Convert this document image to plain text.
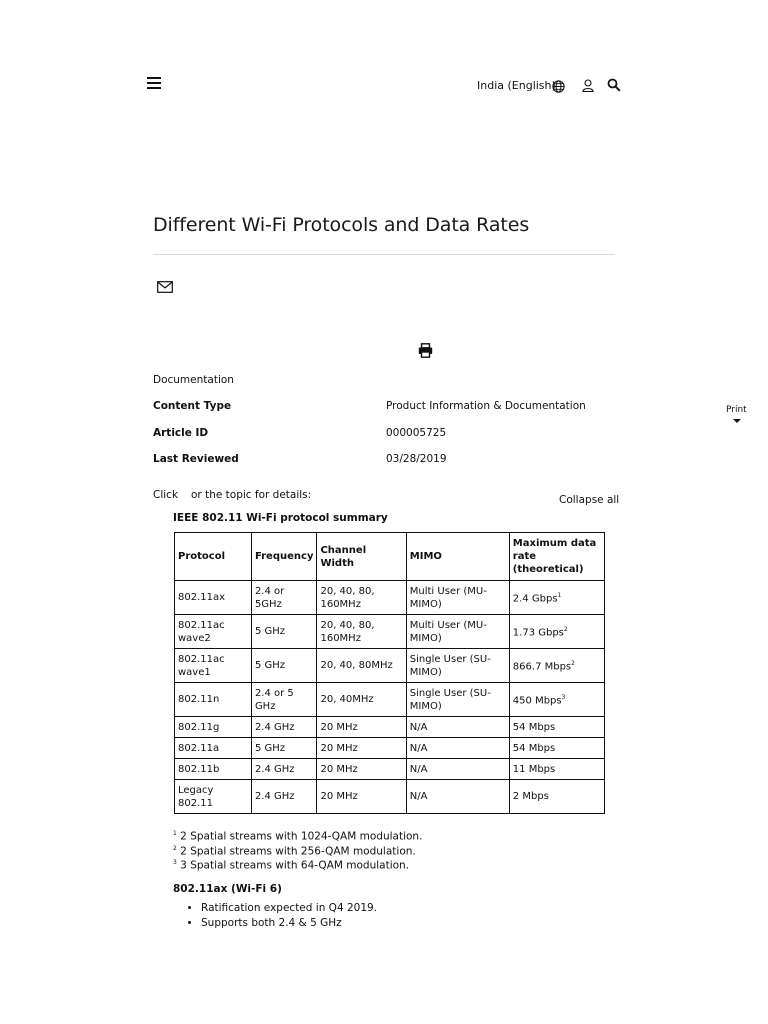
India (English)
Different Wi-Fi Protocols and Data Rates
Documentation
Content Type	Product Information & Documentation
Article ID	000005725
Last Reviewed	03/28/2019
Print
Click or the topic for details:	Collapse all
IEEE 802.11 Wi-Fi protocol summary
Protocol	Frequency	Channel Width	MIMO	Maximum data rate (theoretical)
802.11ax	2.4 or 5GHz	20, 40, 80, 160MHz	Multi User (MU-MIMO)	2.4 Gbps$^1$
802.11ac wave2	5 GHz	20, 40, 80, 160MHz	Multi User (MU-MIMO)	1.73 Gbps$^2$
802.11ac wave1	5 GHz	20, 40, 80MHz	Single User (SU-MIMO)	866.7 Mbps$^2$
802.11n	2.4 or 5 GHz	20, 40MHz	Single User (SU-MIMO)	450 Mbps$^3$
802.11g	2.4 GHz	20 MHz	N/A	54 Mbps
802.11a	5 GHz	20 MHz	N/A	54 Mbps
802.11b	2.4 GHz	20 MHz	N/A	11 Mbps
Legacy 802.11	2.4 GHz	20 MHz	N/A	2 Mbps
$^1$ 2 Spatial streams with 1024-QAM modulation.
$^2$ 2 Spatial streams with 256-QAM modulation.
$^3$ 3 Spatial streams with 64-QAM modulation.
802.11ax (Wi-Fi 6)
• Ratification expected in Q4 2019.
• Supports both 2.4 & 5 GHz
